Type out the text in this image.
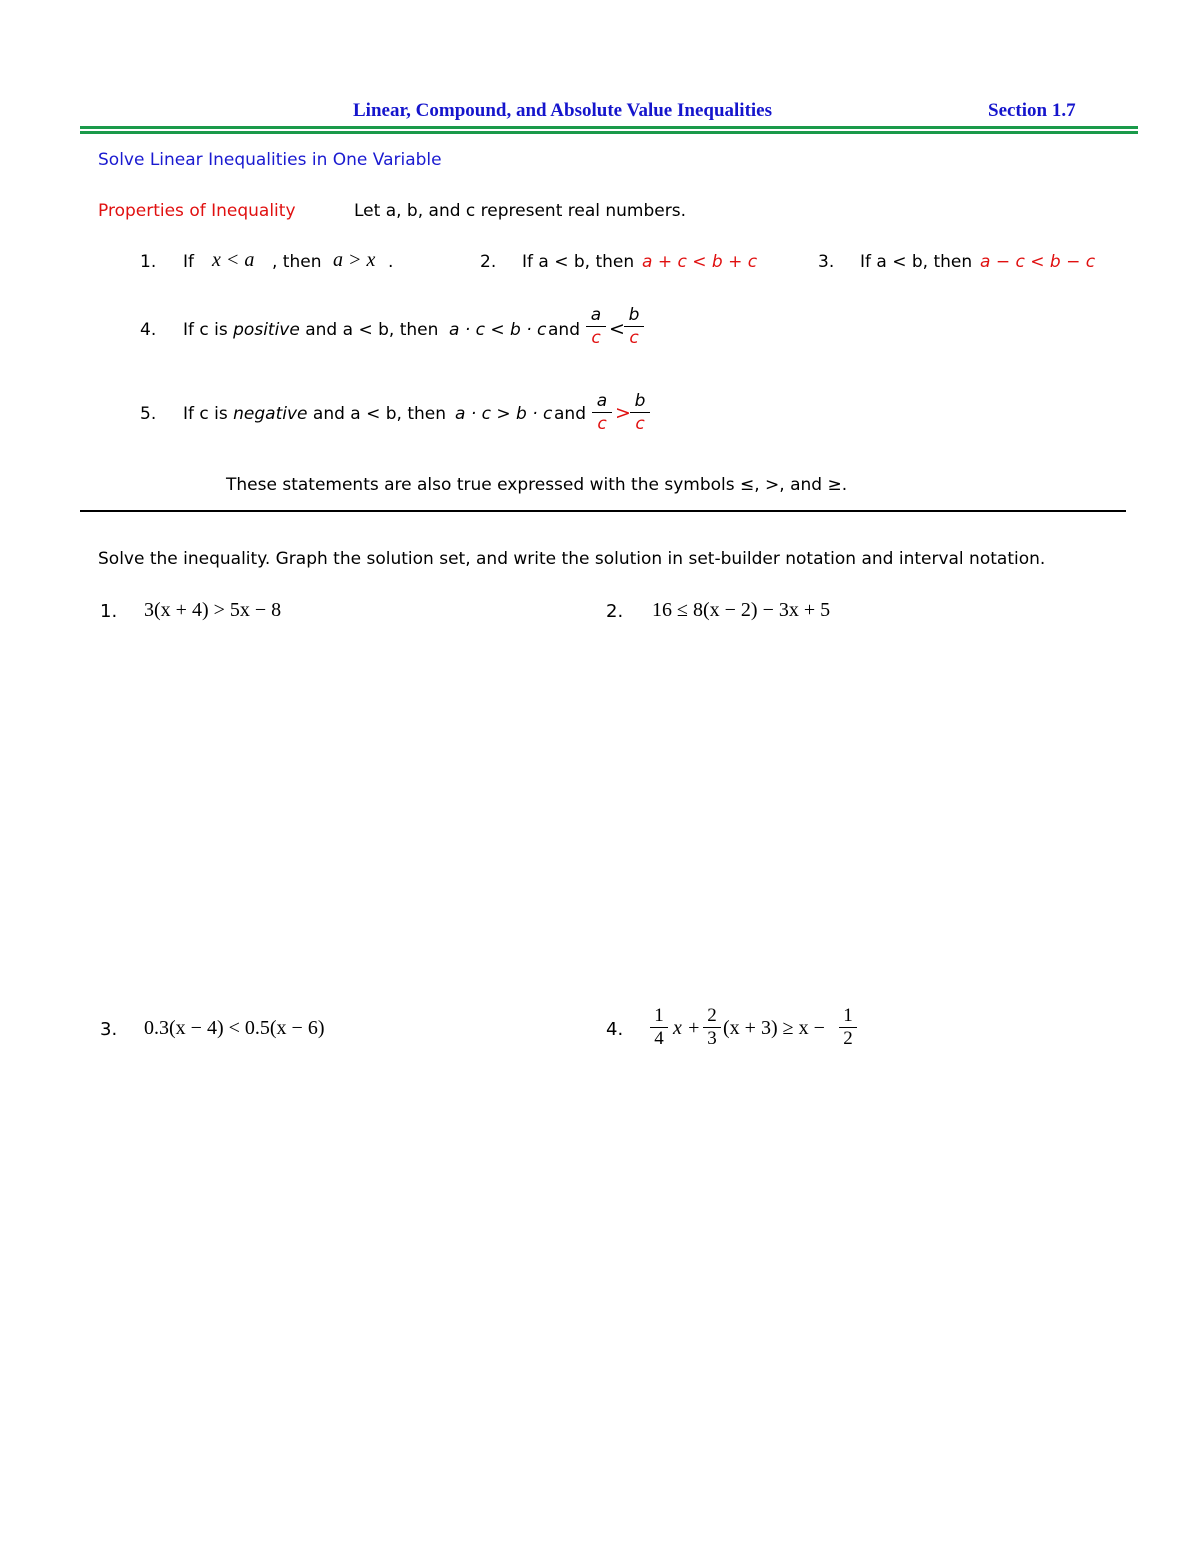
Linear, Compound, and Absolute Value Inequalities	Section 1.7
Solve Linear Inequalities in One Variable
Properties of Inequality	Let a, b, and c represent real numbers.
1. If x < a , then a > x .	2. If a < b, then a + c < b + c	3. If a < b, then a − c < b − c
4. If c is positive and a < b, then a · c < b · c and
a
c <
b
c
5. If c is negative and a < b, then a · c > b · c and
a
c >
b
c
These statements are also true expressed with the symbols ≤, >, and ≥.
Solve the inequality. Graph the solution set, and write the solution in set-builder notation and interval notation.
1. 3(x + 4) > 5x − 8	2. 16 ≤ 8(x − 2) − 3x + 5
3. 0.3(x − 4) < 0.5(x − 6)	4.
1
4 x +
2
3 (x + 3) ≥ x −
1
2
